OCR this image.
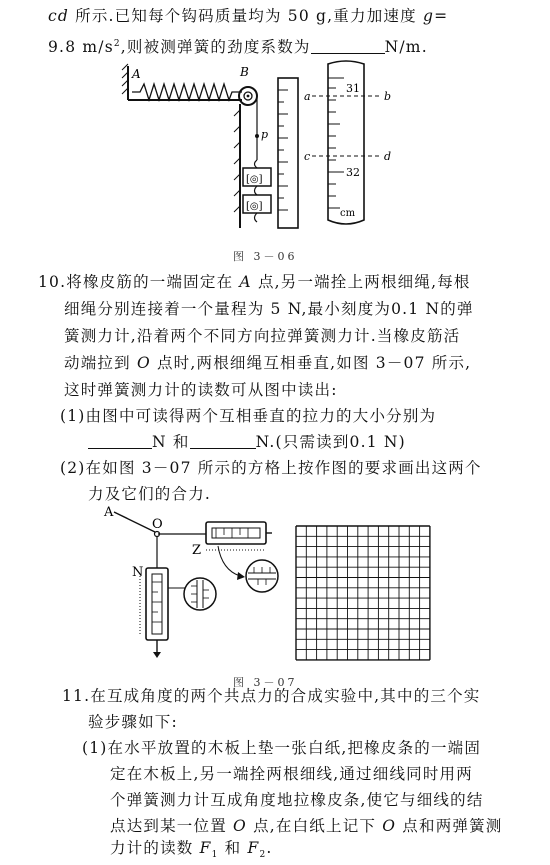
cd 所示.已知每个钩码质量均为 50 g,重力加速度 g=
9.8 $m/s^2$,则被测弹簧的劲度系数为	N/m.
A	B
p
[◎]
[◎]
31
32
cm
a	b
c	d
图 3－06
10.将橡皮筋的一端固定在 A 点,另一端拴上两根细绳,每根
细绳分别连接着一个量程为 5 N,最小刻度为0.1 N的弹
簧测力计,沿着两个不同方向拉弹簧测力计.当橡皮筋活
动端拉到 O 点时,两根细绳互相垂直,如图 3－07 所示,
这时弹簧测力计的读数可从图中读出:
(1)由图中可读得两个互相垂直的拉力的大小分别为
N 和	N.(只需读到0.1 N)
(2)在如图 3－07 所示的方格上按作图的要求画出这两个
力及它们的合力.
A
O
Z
N
图 3－07
11.在互成角度的两个共点力的合成实验中,其中的三个实
验步骤如下:
(1)在水平放置的木板上垫一张白纸,把橡皮条的一端固
定在木板上,另一端拴两根细线,通过细线同时用两
个弹簧测力计互成角度地拉橡皮条,使它与细线的结
点达到某一位置 O 点,在白纸上记下 O 点和两弹簧测
力计的读数 $F_1$ 和 $F_2$.
